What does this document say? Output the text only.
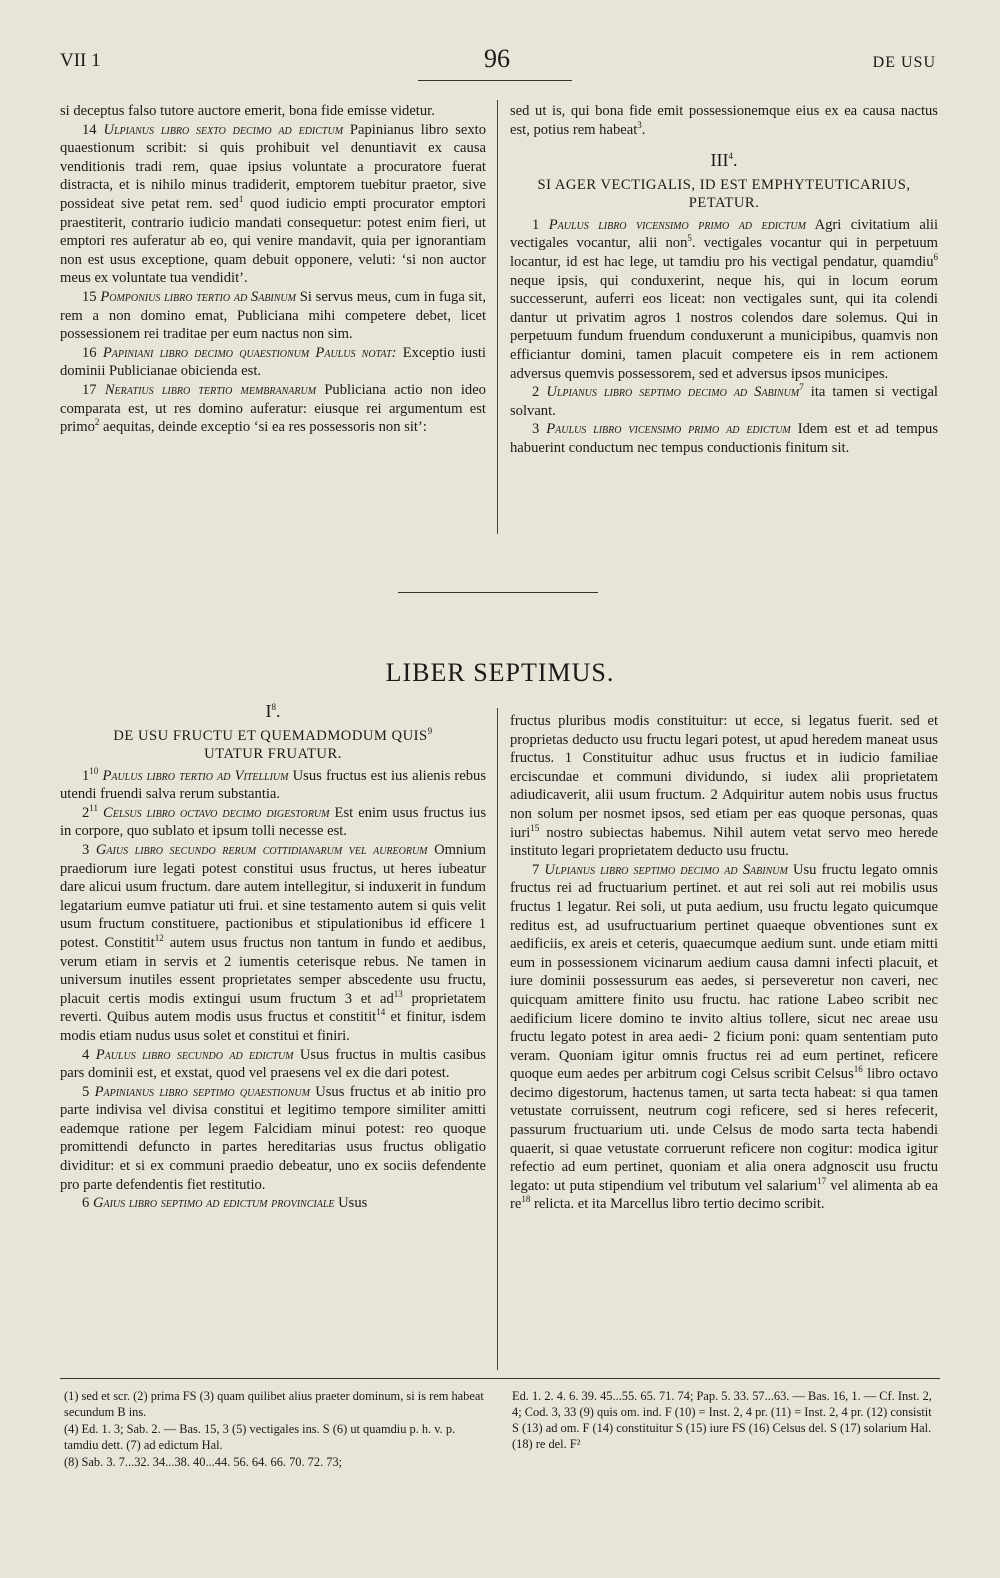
VII 1	96	DE USU

si deceptus falso tutore auctore emerit, bona fide emisse videtur.

14 Ulpianus libro sexto decimo ad edictum Papinianus libro sexto quaestionum scribit: si quis prohibuit vel denuntiavit ex causa venditionis tradi rem, quae ipsius voluntate a procuratore fuerat distracta, et is nihilo minus tradiderit, emptorem tuebitur praetor, sive possideat sive petat rem. sed$^1$ quod iudicio empti procurator emptori praestiterit, contrario iudicio mandati consequetur: potest enim fieri, ut emptori res auferatur ab eo, qui venire mandavit, quia per ignorantiam non est usus exceptione, quam debuit opponere, veluti: ‘si non auctor meus ex voluntate tua vendidit’.

15 Pomponius libro tertio ad Sabinum Si servus meus, cum in fuga sit, rem a non domino emat, Publiciana mihi competere debet, licet possessionem rei traditae per eum nactus non sim.

16 Papiniani libro decimo quaestionum Paulus notat: Exceptio iusti dominii Publicianae obicienda est.

17 Neratius libro tertio membranarum Publiciana actio non ideo comparata est, ut res domino auferatur: eiusque rei argumentum est primo$^2$ aequitas, deinde exceptio ‘si ea res possessoris non sit’:

sed ut is, qui bona fide emit possessionemque eius ex ea causa nactus est, potius rem habeat$^3$.

III$^4$.

SI AGER VECTIGALIS, ID EST EMPHYTEUTICARIUS, PETATUR.

1 Paulus libro vicensimo primo ad edictum Agri civitatium alii vectigales vocantur, alii non$^5$. vectigales vocantur qui in perpetuum locantur, id est hac lege, ut tamdiu pro his vectigal pendatur, quamdiu$^6$ neque ipsis, qui conduxerint, neque his, qui in locum eorum successerunt, auferri eos liceat: non vectigales sunt, qui ita colendi dantur ut privatim agros 1 nostros colendos dare solemus. Qui in perpetuum fundum fruendum conduxerunt a municipibus, quamvis non efficiantur domini, tamen placuit competere eis in rem actionem adversus quemvis possessorem, sed et adversus ipsos municipes.

2 Ulpianus libro septimo decimo ad Sabinum$^7$ ita tamen si vectigal solvant.

3 Paulus libro vicensimo primo ad edictum Idem est et ad tempus habuerint conductum nec tempus conductionis finitum sit.

LIBER SEPTIMUS.

$I^8$.

DE USU FRUCTU ET QUEMADMODUM QUIS$^9$
UTATUR FRUATUR.

$1^{10}$ Paulus libro tertio ad Vitellium Usus fructus est ius alienis rebus utendi fruendi salva rerum substantia.

$2^{11}$ Celsus libro octavo decimo digestorum Est enim usus fructus ius in corpore, quo sublato et ipsum tolli necesse est.

3 Gaius libro secundo rerum cottidianarum vel aureorum Omnium praediorum iure legati potest constitui usus fructus, ut heres iubeatur dare alicui usum fructum. dare autem intellegitur, si induxerit in fundum legatarium eumve patiatur uti frui. et sine testamento autem si quis velit usum fructum constituere, pactionibus et stipulationibus id efficere 1 potest. Constitit$^{12}$ autem usus fructus non tantum in fundo et aedibus, verum etiam in servis et 2 iumentis ceterisque rebus. Ne tamen in universum inutiles essent proprietates semper abscedente usu fructu, placuit certis modis extingui usum fructum 3 et $ad^{13}$ proprietatem reverti. Quibus autem modis usus fructus et constitit$^{14}$ et finitur, isdem modis etiam nudus usus solet et constitui et finiri.

4 Paulus libro secundo ad edictum Usus fructus in multis casibus pars dominii est, et exstat, quod vel praesens vel ex die dari potest.

5 Papinianus libro septimo quaestionum Usus fructus et ab initio pro parte indivisa vel divisa constitui et legitimo tempore similiter amitti eademque ratione per legem Falcidiam minui potest: reo quoque promittendi defuncto in partes hereditarias usus fructus obligatio dividitur: et si ex communi praedio debeatur, uno ex sociis defendente pro parte defendentis fiet restitutio.

6 Gaius libro septimo ad edictum provinciale Usus

fructus pluribus modis constituitur: ut ecce, si legatus fuerit. sed et proprietas deducto usu fructu legari potest, ut apud heredem maneat usus fructus. 1 Constituitur adhuc usus fructus et in iudicio familiae erciscundae et communi dividundo, si iudex alii proprietatem adiudicaverit, alii usum fructum. 2 Adquiritur autem nobis usus fructus non solum per nosmet ipsos, sed etiam per eas quoque personas, quas iuri$^{15}$ nostro subiectas habemus. Nihil autem vetat servo meo herede instituto legari proprietatem deducto usu fructu.

7 Ulpianus libro septimo decimo ad Sabinum Usu fructu legato omnis fructus rei ad fructuarium pertinet. et aut rei soli aut rei mobilis usus fructus 1 legatur. Rei soli, ut puta aedium, usu fructu legato quicumque reditus est, ad usufructuarium pertinet quaeque obventiones sunt ex aedificiis, ex areis et ceteris, quaecumque aedium sunt. unde etiam mitti eum in possessionem vicinarum aedium causa damni infecti placuit, et iure dominii possessurum eas aedes, si perseveretur non caveri, nec quicquam amittere finito usu fructu. hac ratione Labeo scribit nec aedificium licere domino te invito altius tollere, sicut nec areae usu fructu legato potest in area aedi- 2 ficium poni: quam sententiam puto veram. Quoniam igitur omnis fructus rei ad eum pertinet, reficere quoque eum aedes per arbitrum cogi Celsus scribit Celsus$^{16}$ libro octavo decimo digestorum, hactenus tamen, ut sarta tecta habeat: si qua tamen vetustate corruissent, neutrum cogi reficere, sed si heres refecerit, passurum fructuarium uti. unde Celsus de modo sarta tecta habendi quaerit, si quae vetustate corruerunt reficere non cogitur: modica igitur refectio ad eum pertinet, quoniam et alia onera adgnoscit usu fructu legato: ut puta stipendium vel tributum vel salarium$^{17}$ vel alimenta ab ea $re^{18}$ relicta. et ita Marcellus libro tertio decimo scribit.

(1) sed et scr. (2) prima FS (3) quam quilibet alius praeter dominum, si is rem habeat secundum B ins.

(4) Ed. 1. 3; Sab. 2. — Bas. 15, 3 (5) vectigales ins. S (6) ut quamdiu p. h. v. p. tamdiu dett. (7) ad edictum Hal.

(8) Sab. 3. 7...32. 34...38. 40...44. 56. 64. 66. 70. 72. 73;

Ed. 1. 2. 4. 6. 39. 45...55. 65. 71. 74; Pap. 5. 33. 57...63. — Bas. 16, 1. — Cf. Inst. 2, 4; Cod. 3, 33 (9) quis om. ind. F (10) = Inst. 2, 4 pr. (11) = Inst. 2, 4 pr. (12) consistit S (13) ad om. F (14) constituitur S (15) iure FS (16) Celsus del. S (17) solarium Hal. (18) re del. F²
